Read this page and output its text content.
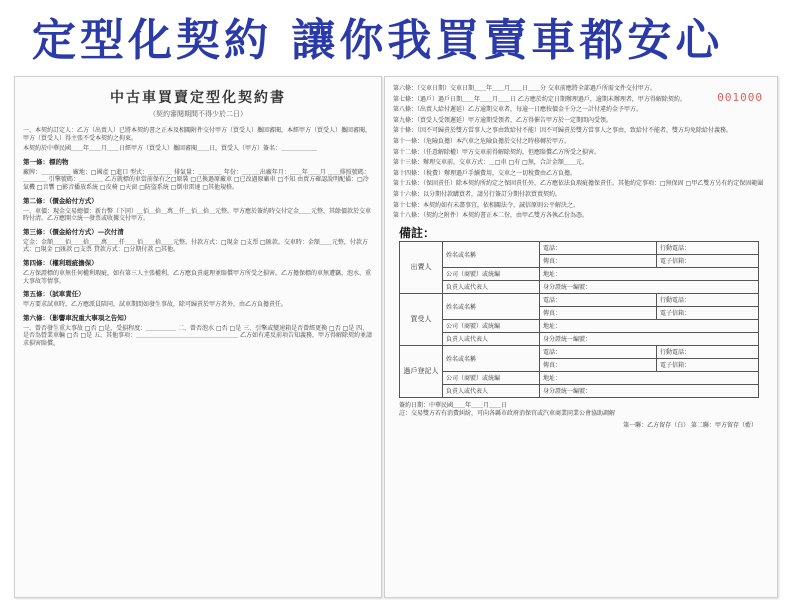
定型化契約 讓你我買賣車都安心
中古車買賣定型化契約書
（契約審閱期間不得少於二日）
一、本契約訂定人：乙方（出賣人）已將本契約書之正本及相關附件交付甲方（買受人）攜回審閱，本經甲方（買受人）攜回審閱，甲方（買受人）得主張不受本契約之拘束。
本契約於中華民國＿＿年＿＿月＿＿日經甲方（買受人）攜回審閱＿＿日，買受人（甲方）簽名：＿＿＿＿＿＿
第一條：標的物
廠牌：＿＿＿＿＿ 廠地：□國產 □進口 型式：＿＿＿＿ 排氣量：＿＿＿＿ 年份：＿＿＿出廠年月：＿＿年＿＿月 ＿＿排照號碼：＿＿＿＿ 引擎號碼：＿＿＿＿ 乙方就標的車當前保有之□原裝 □已換過原廠車 □已改過原廠車 □不知 由賣方確認說明配備：□冷氣機 □音響 □影音播放系統 □皮椅 □天窗 □防盜系統 □倒車雷達 □其他規格。
第二條：（價金給付方式）
一、車價：現金交易總價：新台幣（下同）＿佰＿拾＿萬＿仟＿佰＿拾＿元整。甲方應於簽約時交付定金＿＿元整，其餘價款於交車時付清。乙方應開立統一發票或收據交付甲方。
第三條：（價金給付方式）—次付清
定金：金額＿＿佰＿＿拾＿＿萬＿＿仟＿＿佰＿＿拾＿＿元整。付款方式：□現金 □支票 □匯款。交車時：金額＿＿元整，付款方式：□現金 □匯款 □支票 貸款方式：□分期付款 □其他。
第四條：（權利瑕疵擔保）
乙方保證標的車無任何權利瑕疵，如有第三人主張權利，乙方應負責處理並賠償甲方所受之損害。乙方擔保標的車無遭竊、泡水、重大事故等情事。
第五條：（試車責任）
甲方要求試車時，乙方應派員陪同，試車期間如發生事故，除可歸責於甲方者外，由乙方負擔責任。
第六條：（影響車況重大事項之告知）
一、曾否發生重大事故 □否 □是，受損程度：＿＿＿＿＿ 二、曾否泡水 □否 □是 三、引擎或變速箱是否曾經更換 □否 □是 四、是否為營業車輛 □否 □是 五、其他事項：＿＿＿＿＿＿＿＿＿＿＿＿＿＿＿＿＿ 乙方如有違反前項告知義務，甲方得解除契約並請求損害賠償。
001000
第六條：（交車日期）交車日期＿＿年＿＿月＿＿日＿＿分 交車前應將全部過戶所需文件交付甲方。
第七條：（過戶）過戶日期＿＿年＿＿月＿＿日 乙方應於約定日期辦理過戶，逾期未辦理者，甲方得解除契約。
第八條：（出賣人給付遲延）乙方逾期交車者，每逾一日應按價金千分之一計付違約金予甲方。
第九條：（買受人受領遲延）甲方逾期受領者，乙方得催告甲方於一定期間內受領。
第十條：（因不可歸責於雙方當事人之事由致給付不能）因不可歸責於雙方當事人之事由，致給付不能者，雙方均免除給付義務。
第十一條：（危險負擔）本汽車之危險負擔於交付之時移轉於甲方。
第十二條：（任意解除權）甲方交車前得解除契約，但應賠償乙方所受之損害。
第十三條：辦理交車前，交車方式：＿□車 □有 □無，合計金額＿＿元。
第十四條：（稅費）辦理過戶手續費用，交車之一切稅費由乙方負擔。
第十五條：（保固責任）除本契約所約定之保固責任外，乙方應依法負瑕疵擔保責任。其他約定事項：□無保固 □甲乙雙方另有約定保固範圍
第十六條：以分期付款購買者，請另行簽訂分期付款買賣契約。
第十七條：本契約如有未盡事宜，依相關法令、誠信原則公平解決之。
第十八條：（契約之附件）本契約書正本二份，由甲乙雙方各執乙份為憑。
備註：
出賣人	姓名或名稱	電話：	行動電話：
		傳真：	電子信箱：
	公司（商號）或統編	地址：	
	負責人或代表人	身分證統一編號：	
買受人	姓名或名稱	電話：	行動電話：
		傳真：	電子信箱：
	公司（商號）或統編	地址：	
	負責人或代表人	身分證統一編號：	
過戶登記人	姓名或名稱	電話：	行動電話：
		傳真：	電子信箱：
	公司（商號）或統編	地址：	
	負責人或代表人	身分證統一編號：	
簽約日期：中華民國＿＿年＿＿月＿＿日
註：交易雙方若有消費糾紛，可向各縣市政府消保官或汽車商業同業公會協助調解
第一聯：乙方留存（白） 第二聯：甲方留存（藍）
